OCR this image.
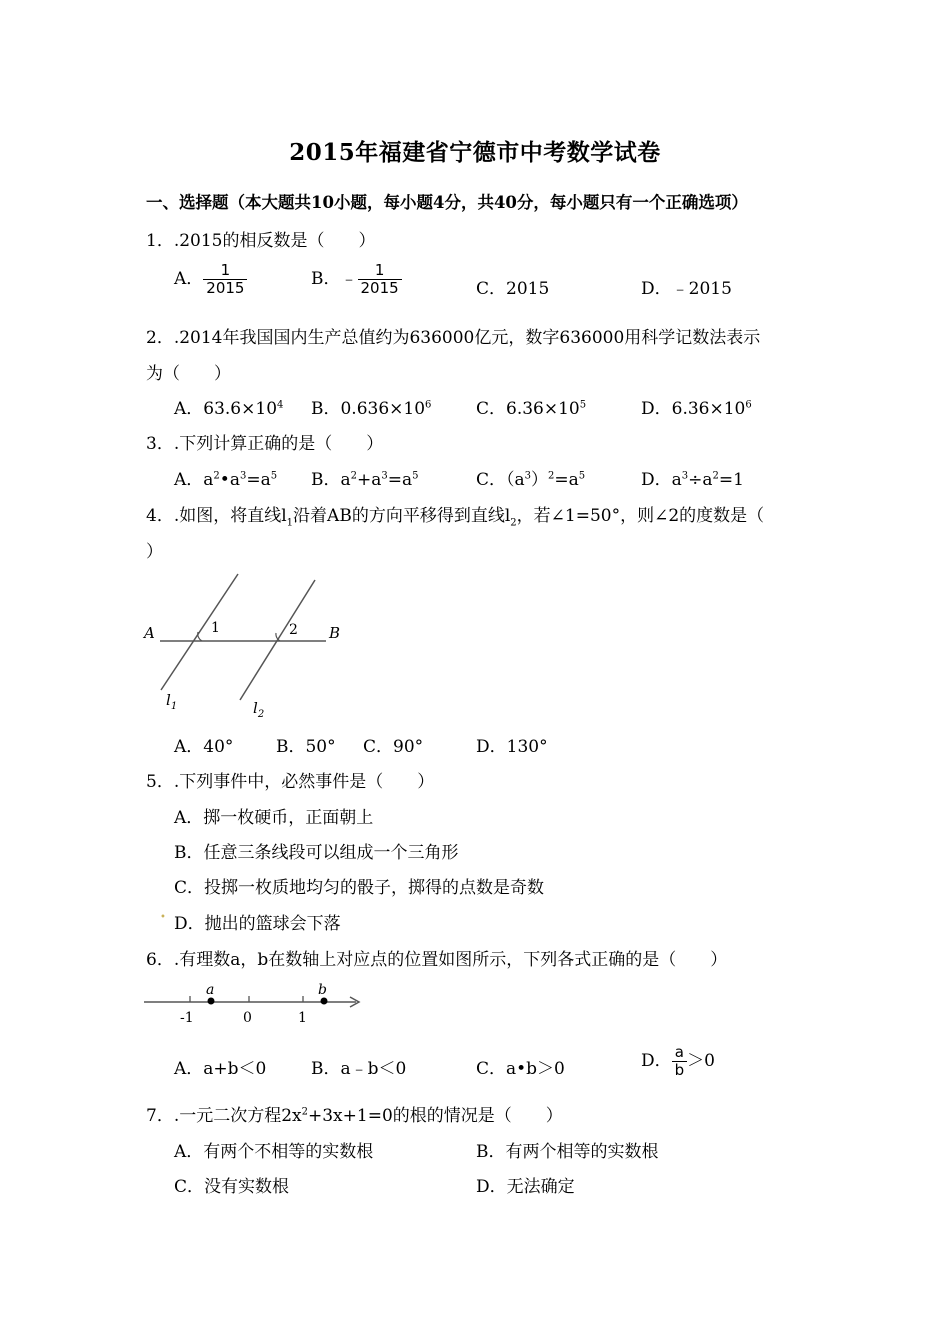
2015年福建省宁德市中考数学试卷
一、选择题（本大题共10小题，每小题4分，共40分，每小题只有一个正确选项）
1．.2015的相反数是（　　）
A． $\frac{1}{2015}$	B．﹣ $\frac{1}{2015}$	C．2015	D．﹣2015
2．.2014年我国国内生产总值约为636000亿元，数字636000用科学记数法表示
为（　　）
A．$63.6\times 10^4$ B．$0.636\times 10^6$	C．$6.36\times 10^5$	D．$6.36\times 10^6$
3．.下列计算正确的是（　　）
A．$a^2•a^3=a^5$ B．$a^2+a^3=a^5$	C．$(a^3)^2=a^5$	D．$a^3\div a^2=1$
4．.如图，将直线$l_1$沿着AB的方向平移得到直线$l_2$，若∠1=50°，则∠2的度数是（
）
A	B
1	2
$l_1$	$l_2$
A．40°	B．50° C．90°	D．130°
5．.下列事件中，必然事件是（　　）
A．掷一枚硬币，正面朝上
B．任意三条线段可以组成一个三角形
C．投掷一枚质地均匀的骰子，掷得的点数是奇数
• D．抛出的篮球会下落
6．.有理数a，b在数轴上对应点的位置如图所示，下列各式正确的是（　　）
a	b
-1	0	1
A．a+b＜0	B．a﹣b＜0	C．a•b＞0	D． $\frac{a}{b} >0$
7．.一元二次方程$2x^2+3x+1=0$的根的情况是（　　）
A．有两个不相等的实数根	B．有两个相等的实数根
C．没有实数根	D．无法确定
